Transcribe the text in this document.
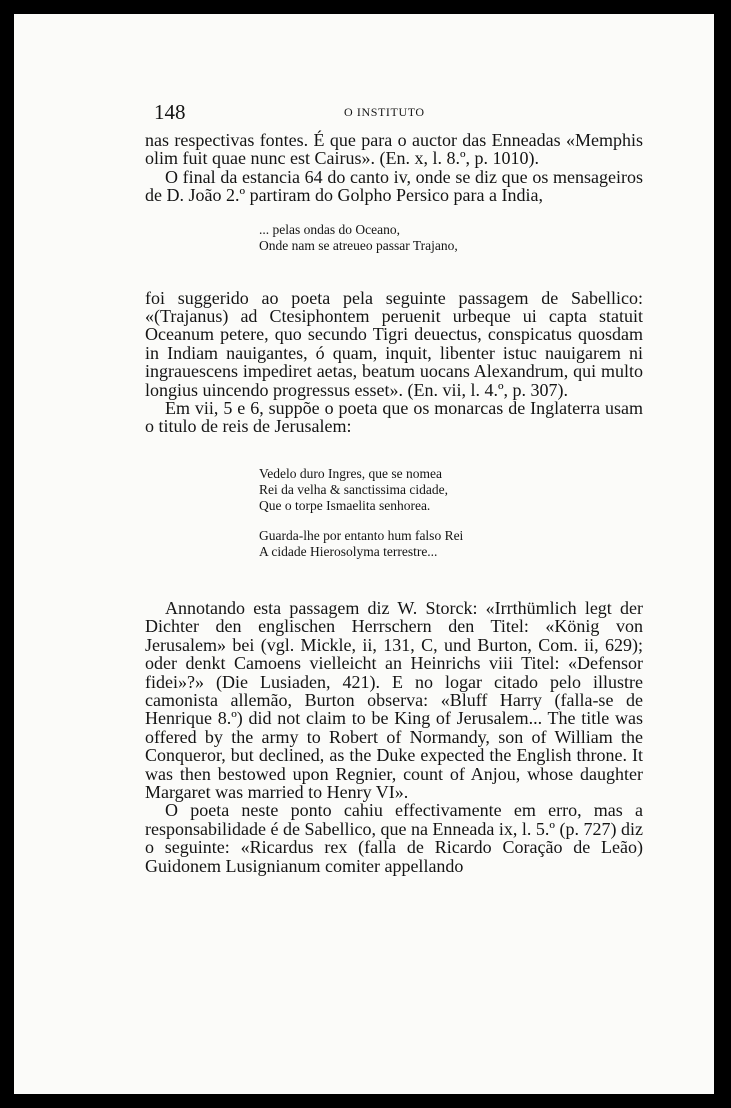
148	O INSTITUTO

nas respectivas fontes. É que para o auctor das Enneadas «Memphis olim fuit quae nunc est Cairus». (En. x, l. 8.º, p. 1010).

O final da estancia 64 do canto iv, onde se diz que os mensageiros de D. João 2.º partiram do Golpho Persico para a India,

... pelas ondas do Oceano,
Onde nam se atreueo passar Trajano,

foi suggerido ao poeta pela seguinte passagem de Sabellico: «(Trajanus) ad Ctesiphontem peruenit urbeque ui capta statuit Oceanum petere, quo secundo Tigri deuectus, conspicatus quosdam in Indiam nauigantes, ó quam, inquit, libenter istuc nauigarem ni ingrauescens impediret aetas, beatum uocans Alexandrum, qui multo longius uincendo progressus esset». (En. vii, l. 4.º, p. 307).

Em vii, 5 e 6, suppõe o poeta que os monarcas de Inglaterra usam o titulo de reis de Jerusalem:

Vedelo duro Ingres, que se nomea
Rei da velha & sanctissima cidade,
Que o torpe Ismaelita senhorea.
Guarda-lhe por entanto hum falso Rei
A cidade Hierosolyma terrestre...

Annotando esta passagem diz W. Storck: «Irrthümlich legt der Dichter den englischen Herrschern den Titel: «König von Jerusalem» bei (vgl. Mickle, ii, 131, C, und Burton, Com. ii, 629); oder denkt Camoens vielleicht an Heinrichs viii Titel: «Defensor fidei»?» (Die Lusiaden, 421). E no logar citado pelo illustre camonista allemão, Burton observa: «Bluff Harry (falla-se de Henrique 8.º) did not claim to be King of Jerusalem... The title was offered by the army to Robert of Normandy, son of William the Conqueror, but declined, as the Duke expected the English throne. It was then bestowed upon Regnier, count of Anjou, whose daughter Margaret was married to Henry VI».

O poeta neste ponto cahiu effectivamente em erro, mas a responsabilidade é de Sabellico, que na Enneada ix, l. 5.º (p. 727) diz o seguinte: «Ricardus rex (falla de Ricardo Coração de Leão) Guidonem Lusignianum comiter appellando
